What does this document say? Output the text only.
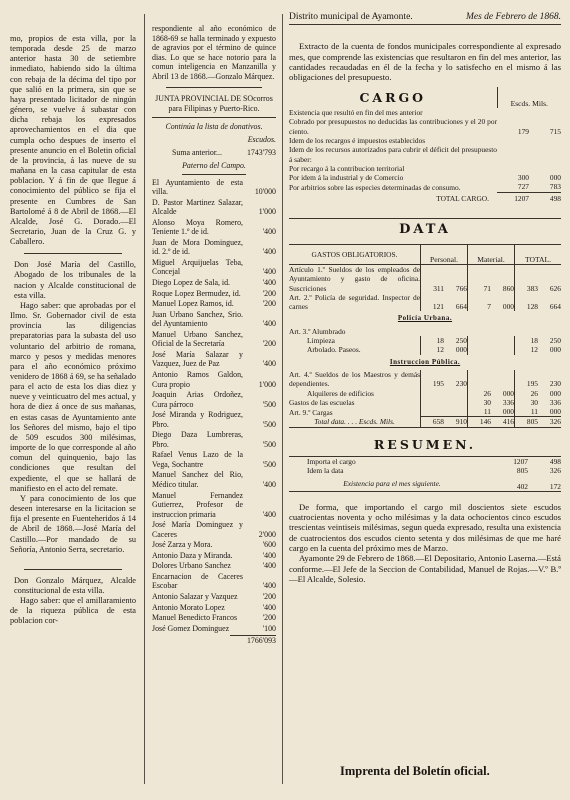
mo, propios de esta villa, por la temporada desde 25 de marzo anterior hasta 30 de setiembre inmediato, habiendo sido la última con rebaja de la décima del tipo por que salió en la primera, sin que se haya presentado licitador de ningún género, se vuelve á subastar con dicha rebaja los expresados aprovechamientos en el dia que cumpla ocho despues de inserto el presente anuncio en el Boletin oficial de la provincia, á las nueve de su mañana en la casa capitular de esta poblacion. Y á fin de que llegue á conocimiento del público se fija el presente en Cumbres de San Bartolomé á 8 de Abril de 1868.—El Alcalde, José G. Dorado.—El Secretario, Juan de la Cruz G. y Caballero.

Don José María del Castillo, Abogado de los tribunales de la nacion y Alcalde constitucional de esta villa.

Hago saber: que aprobadas por el Ilmo. Sr. Gobernador civil de esta provincia las diligencias preparatorias para la subasta del uso voluntario del arbitrio de romana, marco y pesos y medidas menores para el año económico próximo venidero de 1868 á 69, se ha señalado para el acto de esta los dias diez y nueve y veinticuatro del mes actual, y hora de diez á once de sus mañanas, en estas casas de Ayuntamiento ante los Señores del mismo, bajo el tipo de 509 escudos 300 milésimas, importe de lo que corresponde al año comun del quinquenio, bajo las condiciones que resultan del expediente, el que se hallará de manifiesto en el acto del remate.

Y para conocimiento de los que deseen interesarse en la licitacion se fija el presente en Fuenteheridos á 14 de Abril de 1868.—José María del Castillo.—Por mandado de su Señoría, Antonio Serra, secretario.

Don Gonzalo Márquez, Alcalde constitucional de esta villa.

Hago saber: que el amillaramiento de la riqueza pública de esta poblacion cor-

respondiente al año económico de 1868-69 se halla terminado y expuesto de agravios por el término de quince dias. Lo que se hace notorio para la comun inteligencia en Manzanilla y Abril 13 de 1868.—Gonzalo Márquez.

JUNTA PROVINCIAL DE SOcorros para Filipinas y Puerto-Rico.

Continúa la lista de donativos.

Escudos.
Suma anterior...	1743'793

Paterno del Campo.

El Ayuntamiento de esta villa.	10'000
D. Pastor Martinez Salazar, Alcalde	1'000
Alonso Moya Romero, Teniente 1.º de id.	'400
Juan de Mora Dominguez, id. 2.º de id.	'400
Miguel Arquijuelas Teba, Concejal	'400
Diego Lopez de Sala, id.	'400
Roque Lopez Bermudez, id.	'200
Manuel Lopez Ramos, id.	'200
Juan Urbano Sanchez, Srio. del Ayuntamiento	'400
Manuel Urbano Sanchez, Oficial de la Secretaría	'200
José María Salazar y Vazquez, Juez de Paz	'400
Antonio Ramos Galdon, Cura propio	1'000
Joaquin Arias Ordoñez, Cura párroco	'500
José Miranda y Rodriguez, Pbro.	'500
Diego Daza Lumbreras, Pbro.	'500
Rafael Venus Lazo de la Vega, Sochantre	'500
Manuel Sanchez del Rio, Médico titular.	'400
Manuel Fernandez Gutierrez, Profesor de instruccion primaria	'400
José María Dominguez y Caceres	2'000
José Zarza y Mora.	'600
Antonio Daza y Miranda.	'400
Dolores Urbano Sanchez	'400
Encarnacion de Caceres Escobar	'400
Antonio Salazar y Vazquez	'200
Antonio Morato Lopez	'400
Manuel Benedicto Francos	'200
José Gomez Dominguez	'100
1766'093
Distrito municipal de Ayamonte.	Mes de Febrero de 1868.

Extracto de la cuenta de fondos municipales correspondiente al expresado mes, que comprende las existencias que resultaron en fin del mes anterior, las cantidades recaudadas en él de la fecha y lo satisfecho en el mismo á las obligaciones del presupuesto.

CARGO	Escds. Mils.	
Existencia que resultó en fin del mes anterior		
Cobrado por presupuestos no deducidas las contribuciones y el 20 por ciento.	179	715
Idem de los recargos é impuestos establecidos		
Idem de los recursos autorizados para cubrir el déficit del presupuesto á saber:		
Por recargo á la contribucion territorial		
Por idem á la industrial y de Comercio	300	000
Por arbitrios sobre las especies determinadas de consumo.	727	783
TOTAL CARGO.	1207	498
DATA
GASTOS OBLIGATORIOS.	Personal.		Material.		TOTAL.	
Artículo 1.º Sueldos de los empleados de Ayuntamiento y gasto de oficina. Suscriciones	311	766	71	860	383	626
Art. 2.º Policía de seguridad. Inspector de carnes	121	664	7	000	128	664
Policía Urbana.						
Art. 3.º Alumbrado						
Limpieza	18	250			18	250
Arbolado. Paseos.	12	000			12	000
Instruccion Pública.						
Art. 4.º Sueldos de los Maestros y demás dependientes.	195	230			195	230
Alquileres de edificios			26	000	26	000
Gastos de las escuelas			30	336	30	336
Art. 9.º Cargas			11	000	11	000
Total data. . . . Escds. Mils.	658	910	146	416	805	326
RESUMEN.
Importa el cargo	1207	498
Idem la data	805	326
Existencia para el mes siguiente.	402	172

De forma, que importando el cargo mil doscientos siete escudos cuatrocientas noventa y ocho milésimas y la data ochocientos cinco escudos trescientas veintiseis milésimas, segun queda expresado, resulta una existencia de cuatrocientos dos escudos ciento setenta y dos milésimas de que me haré cargo en la cuenta del próximo mes de Marzo.

Ayamonte 29 de Febrero de 1868.—El Depositario, Antonio Laserna.—Está conforme.—El Jefe de la Seccion de Contabilidad, Manuel de Rojas.—V.º B.º—El Alcalde, Solesio.

Imprenta del Boletín oficial.
